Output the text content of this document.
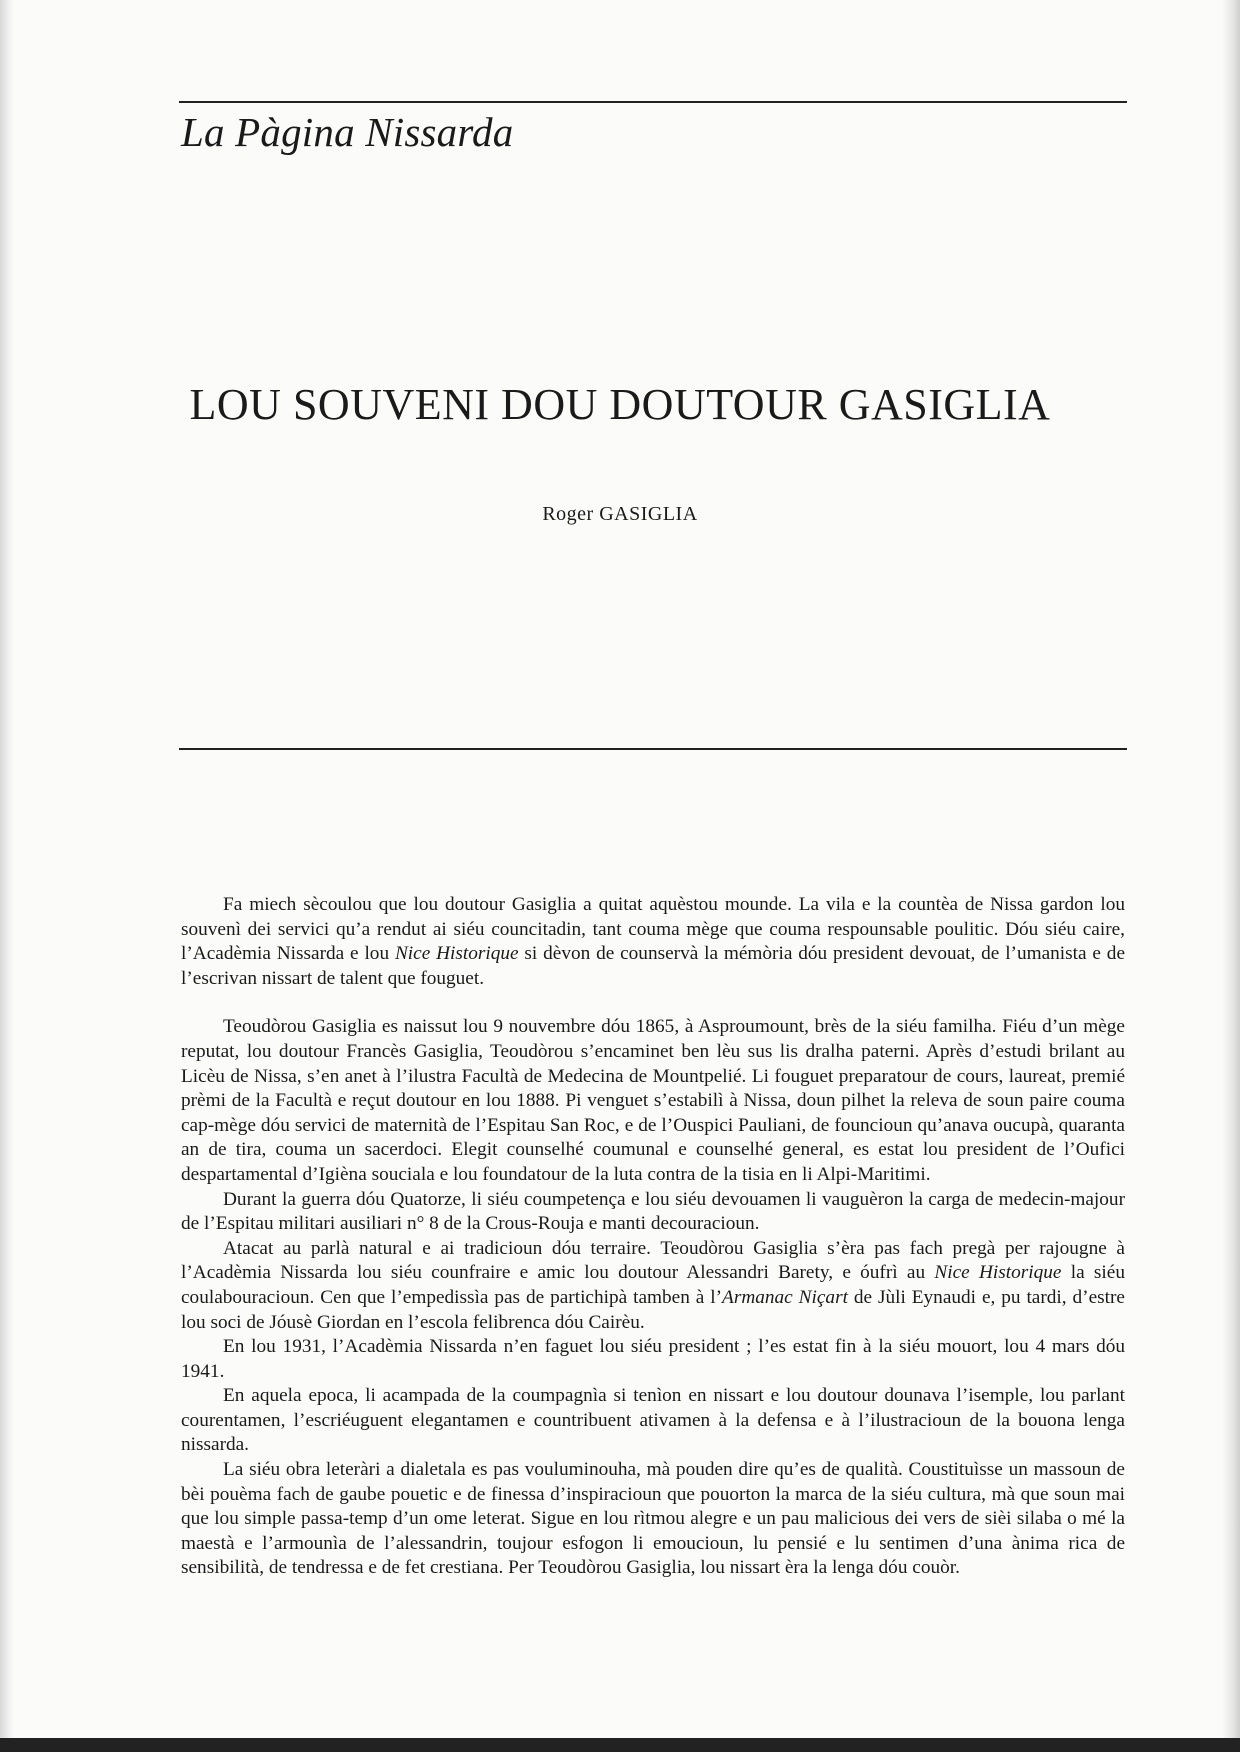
La Pàgina Nissarda
LOU SOUVENI DOU DOUTOUR GASIGLIA
Roger GASIGLIA

Fa miech sècoulou que lou doutour Gasiglia a quitat aquèstou mounde. La vila e la countèa de Nissa gardon lou souvenì dei servici qu’a rendut ai siéu councitadin, tant couma mège que couma respounsable poulitic. Dóu siéu caire, l’Acadèmia Nissarda e lou Nice Historique si dèvon de counservà la mémòria dóu president devouat, de l’umanista e de l’escrivan nissart de talent que fouguet.

Teoudòrou Gasiglia es naissut lou 9 nouvembre dóu 1865, à Asproumount, brès de la siéu familha. Fiéu d’un mège reputat, lou doutour Francès Gasiglia, Teoudòrou s’encaminet ben lèu sus lis dralha paterni. Après d’estudi brilant au Licèu de Nissa, s’en anet à l’ilustra Facultà de Medecina de Mountpelié. Li fouguet preparatour de cours, laureat, premié prèmi de la Facultà e reçut doutour en lou 1888. Pi venguet s’estabilì à Nissa, doun pilhet la releva de soun paire couma cap-mège dóu servici de maternità de l’Espitau San Roc, e de l’Ouspici Pauliani, de founcioun qu’anava oucupà, quaranta an de tira, couma un sacerdoci. Elegit counselhé coumunal e counselhé general, es estat lou president de l’Oufici despartamental d’Igièna souciala e lou foundatour de la luta contra de la tisia en li Alpi-Maritimi.

Durant la guerra dóu Quatorze, li siéu coumpetença e lou siéu devouamen li vauguèron la carga de medecin-majour de l’Espitau militari ausiliari n° 8 de la Crous-Rouja e manti decouracioun.

Atacat au parlà natural e ai tradicioun dóu terraire. Teoudòrou Gasiglia s’èra pas fach pregà per rajougne à l’Acadèmia Nissarda lou siéu counfraire e amic lou doutour Alessandri Barety, e óufrì au Nice Historique la siéu coulabouracioun. Cen que l’empedissìa pas de partichipà tamben à l’Armanac Niçart de Jùli Eynaudi e, pu tardi, d’estre lou soci de Jóusè Giordan en l’escola felibrenca dóu Cairèu.

En lou 1931, l’Acadèmia Nissarda n’en faguet lou siéu president ; l’es estat fin à la siéu mouort, lou 4 mars dóu 1941.

En aquela epoca, li acampada de la coumpagnìa si tenìon en nissart e lou doutour dounava l’isemple, lou parlant courentamen, l’escriéuguent elegantamen e countribuent ativamen à la defensa e à l’ilustracioun de la bouona lenga nissarda.

La siéu obra leteràri a dialetala es pas vouluminouha, mà pouden dire qu’es de qualità. Coustituìsse un massoun de bèi pouèma fach de gaube pouetic e de finessa d’inspiracioun que pouorton la marca de la siéu cultura, mà que soun mai que lou simple passa-temp d’un ome leterat. Sigue en lou rìtmou alegre e un pau malicious dei vers de sièi silaba o mé la maestà e l’armounìa de l’alessandrin, toujour esfogon li emoucioun, lu pensié e lu sentimen d’una ànima rica de sensibilità, de tendressa e de fet crestiana. Per Teoudòrou Gasiglia, lou nissart èra la lenga dóu couòr.
